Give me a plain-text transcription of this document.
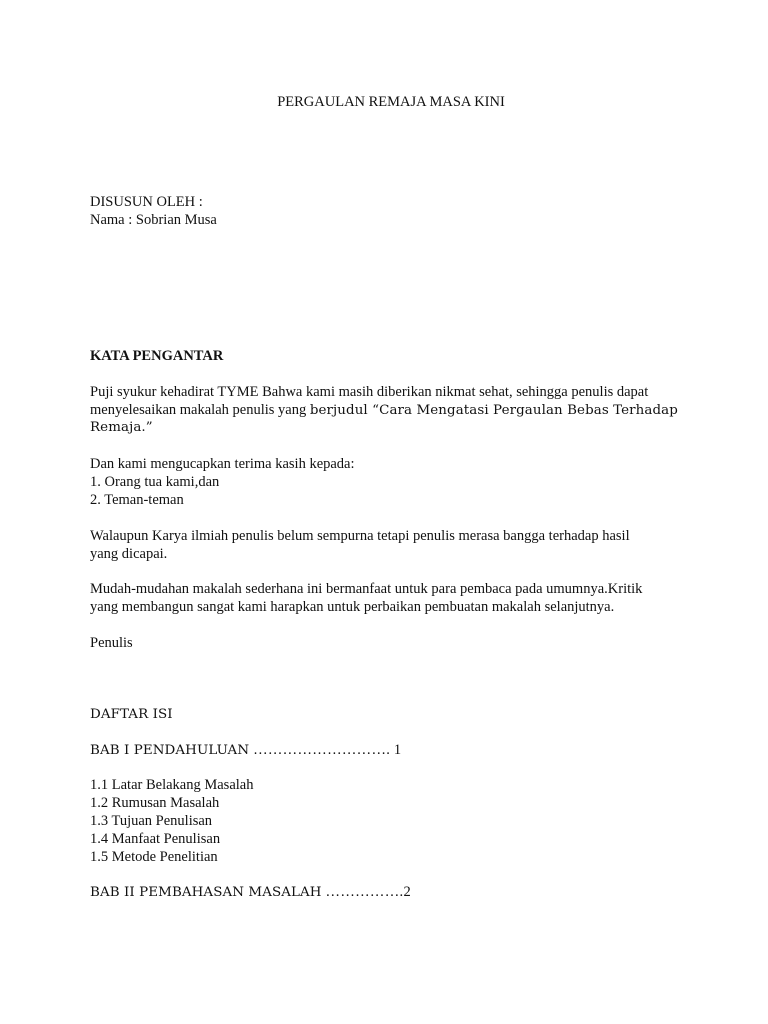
PERGAULAN REMAJA MASA KINI

DISUSUN OLEH :

Nama : Sobrian Musa

KATA PENGANTAR

Puji syukur kehadirat TYME Bahwa kami masih diberikan nikmat sehat, sehingga penulis dapat

menyelesaikan makalah penulis yang berjudul “Cara Mengatasi Pergaulan Bebas Terhadap

Remaja.”

Dan kami mengucapkan terima kasih kepada:

1. Orang tua kami,dan

2. Teman-teman

Walaupun Karya ilmiah penulis belum sempurna tetapi penulis merasa bangga terhadap hasil

yang dicapai.

Mudah-mudahan makalah sederhana ini bermanfaat untuk para pembaca pada umumnya.Kritik

yang membangun sangat kami harapkan untuk perbaikan pembuatan makalah selanjutnya.

Penulis

DAFTAR ISI

BAB I PENDAHULUAN ………………………. 1

1.1 Latar Belakang Masalah

1.2 Rumusan Masalah

1.3 Tujuan Penulisan

1.4 Manfaat Penulisan

1.5 Metode Penelitian

BAB II PEMBAHASAN MASALAH …………….2
